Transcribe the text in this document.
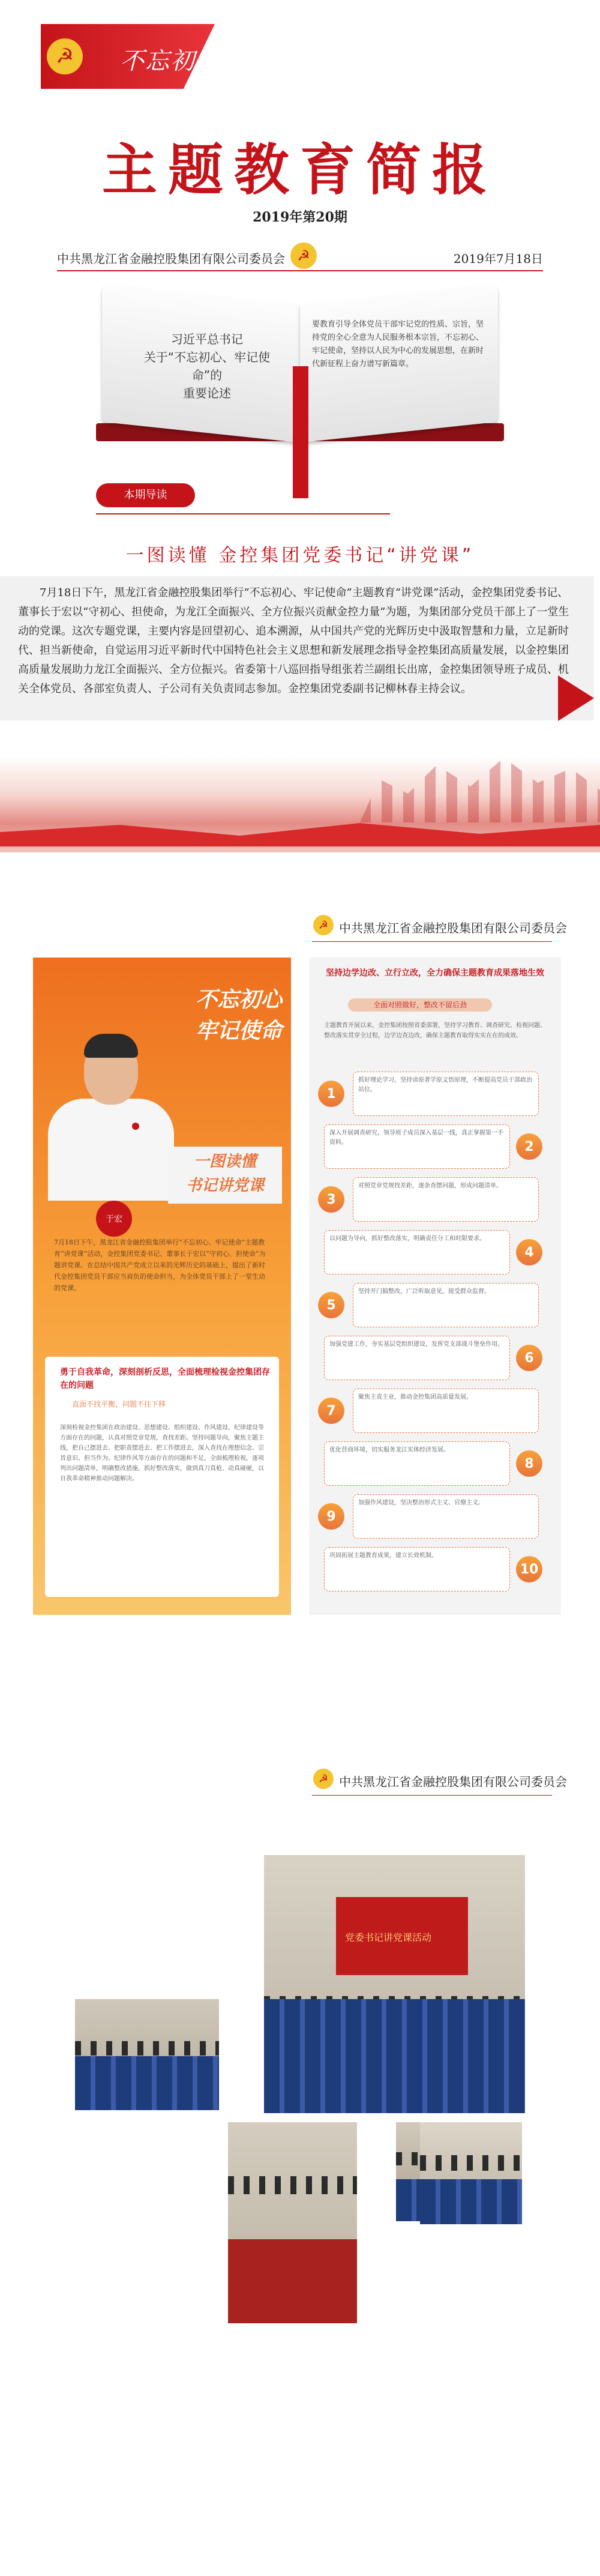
☭	不忘初心 牢记使命
主题教育简报
2019年第20期
中共黑龙江省金融控股集团有限公司委员会 ☭	2019年7月18日
习近平总书记
关于“不忘初心、牢记使命”的
重要论述
要教育引导全体党员干部牢记党的性质、宗旨，坚持党的全心全意为人民服务根本宗旨，不忘初心、牢记使命，坚持以人民为中心的发展思想，在新时代新征程上奋力谱写新篇章。
本期导读
一图读懂 金控集团党委书记“讲党课”
7月18日下午，黑龙江省金融控股集团举行“不忘初心、牢记使命”主题教育“讲党课”活动，金控集团党委书记、董事长于宏以“守初心、担使命，为龙江全面振兴、全方位振兴贡献金控力量”为题，为集团部分党员干部上了一堂生动的党课。这次专题党课，主要内容是回望初心、追本溯源，从中国共产党的光辉历史中汲取智慧和力量，立足新时代、担当新使命，自觉运用习近平新时代中国特色社会主义思想和新发展理念指导金控集团高质量发展，以金控集团高质量发展助力龙江全面振兴、全方位振兴。省委第十八巡回指导组张若兰副组长出席，金控集团领导班子成员、机关全体党员、各部室负责人、子公司有关负责同志参加。金控集团党委副书记柳林春主持会议。
☭ 中共黑龙江省金融控股集团有限公司委员会
不忘初心
牢记使命
一图读懂
书记讲党课
于宏
7月18日下午，黑龙江省金融控股集团举行“不忘初心、牢记使命”主题教育“讲党课”活动，金控集团党委书记、董事长于宏以“守初心、担使命”为题讲党课。在总结中国共产党成立以来的光辉历史的基础上，提出了新时代金控集团党员干部应当肩负的使命担当，为全体党员干部上了一堂生动的党课。
勇于自我革命，深刻剖析反思，全面梳理检视金控集团存在的问题
直面不找平衡，问题不往下移
深刻检视金控集团在政治建设、思想建设、组织建设、作风建设、纪律建设等方面存在的问题，认真对照党章党规，查找差距。坚持问题导向，聚焦主题主线，把自己摆进去、把职责摆进去、把工作摆进去，深入查找在理想信念、宗旨意识、担当作为、纪律作风等方面存在的问题和不足，全面梳理检视，逐项列出问题清单，明确整改措施，抓好整改落实，做到真刀真枪、动真碰硬，以自我革命精神推动问题解决。
坚持边学边改、立行立改，全力确保主题教育成果落地生效
全面对照做好，整改不留后劲
主题教育开展以来，金控集团按照省委部署，坚持学习教育、调查研究、检视问题、整改落实贯穿全过程，边学边查边改，确保主题教育取得实实在在的成效。
抓好理论学习，坚持读原著学原文悟原理，不断提高党员干部政治站位。
1
深入开展调查研究，领导班子成员深入基层一线，真正掌握第一手资料。	2
对照党章党规找差距，逐条查摆问题，形成问题清单。
3
以问题为导向，抓好整改落实，明确责任分工和时限要求。
4
坚持开门搞整改，广泛听取意见，接受群众监督。
5
加强党建工作，夯实基层党组织建设，发挥党支部战斗堡垒作用。
6
聚焦主责主业，推动金控集团高质量发展。
7
优化营商环境，切实服务龙江实体经济发展。
8
加强作风建设，坚决整治形式主义、官僚主义。
9
巩固拓展主题教育成果，建立长效机制。
10
☭ 中共黑龙江省金融控股集团有限公司委员会
党委书记讲党课活动
